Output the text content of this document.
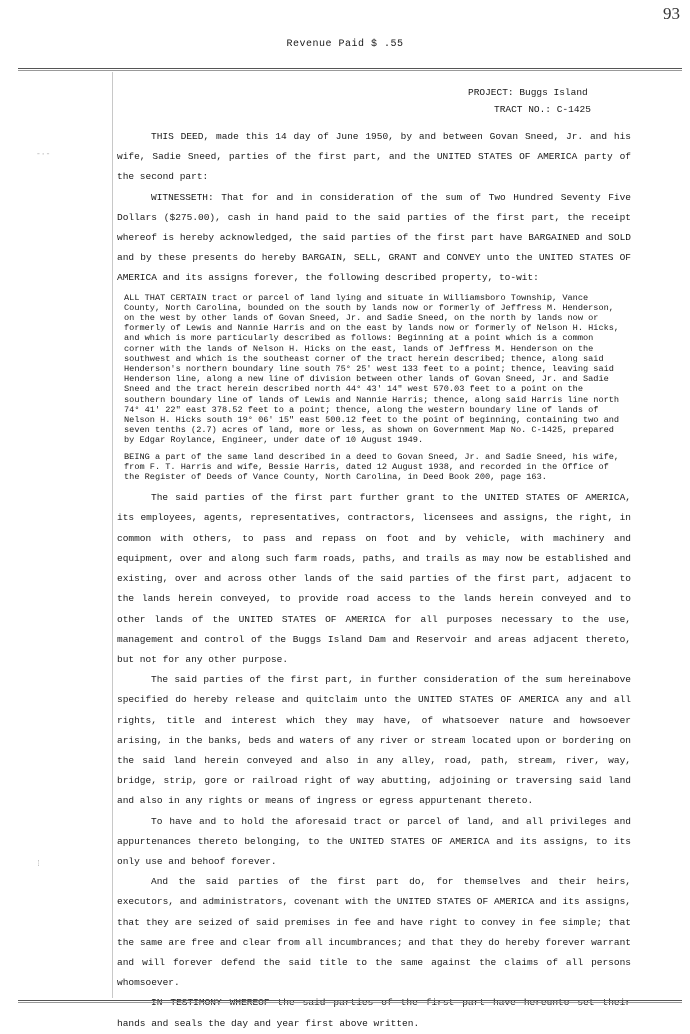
93
Revenue Paid $ .55
‐·‐
⁞
PROJECT: Buggs Island
TRACT NO.: C-1425

THIS DEED, made this 14 day of June 1950, by and between Govan Sneed, Jr. and his wife, Sadie Sneed, parties of the first part, and the UNITED STATES OF AMERICA party of the second part:

WITNESSETH: That for and in consideration of the sum of Two Hundred Seventy Five Dollars ($275.00), cash in hand paid to the said parties of the first part, the receipt whereof is hereby acknowledged, the said parties of the first part have BARGAINED and SOLD and by these presents do hereby BARGAIN, SELL, GRANT and CONVEY unto the UNITED STATES OF AMERICA and its assigns forever, the following described property, to-wit:

ALL THAT CERTAIN tract or parcel of land lying and situate in Williamsboro Township, Vance County, North Carolina, bounded on the south by lands now or formerly of Jeffress M. Henderson, on the west by other lands of Govan Sneed, Jr. and Sadie Sneed, on the north by lands now or formerly of Lewis and Nannie Harris and on the east by lands now or formerly of Nelson H. Hicks, and which is more particularly described as follows: Beginning at a point which is a common corner with the lands of Nelson H. Hicks on the east, lands of Jeffress M. Henderson on the southwest and which is the southeast corner of the tract herein described; thence, along said Henderson's northern boundary line south 75° 25' west 133 feet to a point; thence, leaving said Henderson line, along a new line of division between other lands of Govan Sneed, Jr. and Sadie Sneed and the tract herein described north 44° 43' 14" west 570.03 feet to a point on the southern boundary line of lands of Lewis and Nannie Harris; thence, along said Harris line north 74° 41' 22" east 378.52 feet to a point; thence, along the western boundary line of lands of Nelson H. Hicks south 19° 06' 15" east 500.12 feet to the point of beginning, containing two and seven tenths (2.7) acres of land, more or less, as shown on Government Map No. C-1425, prepared by Edgar Roylance, Engineer, under date of 10 August 1949.

BEING a part of the same land described in a deed to Govan Sneed, Jr. and Sadie Sneed, his wife, from F. T. Harris and wife, Bessie Harris, dated 12 August 1938, and recorded in the Office of the Register of Deeds of Vance County, North Carolina, in Deed Book 200, page 163.

The said parties of the first part further grant to the UNITED STATES OF AMERICA, its employees, agents, representatives, contractors, licensees and assigns, the right, in common with others, to pass and repass on foot and by vehicle, with machinery and equipment, over and along such farm roads, paths, and trails as may now be established and existing, over and across other lands of the said parties of the first part, adjacent to the lands herein conveyed, to provide road access to the lands herein conveyed and to other lands of the UNITED STATES OF AMERICA for all purposes necessary to the use, management and control of the Buggs Island Dam and Reservoir and areas adjacent thereto, but not for any other purpose.

The said parties of the first part, in further consideration of the sum hereinabove specified do hereby release and quitclaim unto the UNITED STATES OF AMERICA any and all rights, title and interest which they may have, of whatsoever nature and howsoever arising, in the banks, beds and waters of any river or stream located upon or bordering on the said land herein conveyed and also in any alley, road, path, stream, river, way, bridge, strip, gore or railroad right of way abutting, adjoining or traversing said land and also in any rights or means of ingress or egress appurtenant thereto.

To have and to hold the aforesaid tract or parcel of land, and all privileges and appurtenances thereto belonging, to the UNITED STATES OF AMERICA and its assigns, to its only use and behoof forever.

And the said parties of the first part do, for themselves and their heirs, executors, and administrators, covenant with the UNITED STATES OF AMERICA and its assigns, that they are seized of said premises in fee and have right to convey in fee simple; that the same are free and clear from all incumbrances; and that they do hereby forever warrant and will forever defend the said title to the same against the claims of all persons whomsoever.

hands and seals the day and year first above written.
